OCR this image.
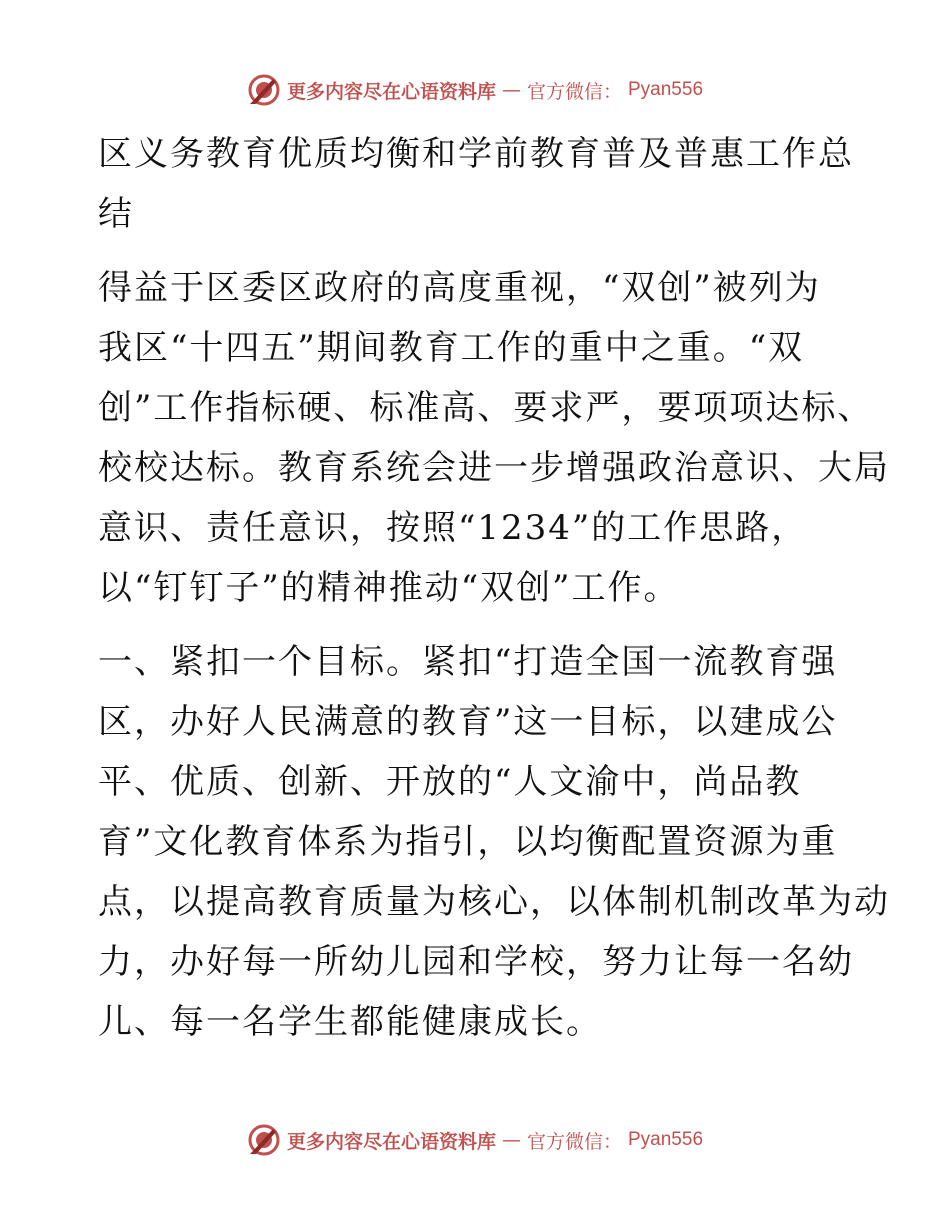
更多内容尽在心语资料库 — 官方微信： Pyan556

区义务教育优质均衡和学前教育普及普惠工作总

结

得益于区委区政府的高度重视，“双创”被列为

我区“十四五”期间教育工作的重中之重。“双

创”工作指标硬、标准高、要求严，要项项达标、

校校达标。教育系统会进一步增强政治意识、大局

意识、责任意识，按照“1234”的工作思路，

以“钉钉子”的精神推动“双创”工作。

一、紧扣一个目标。紧扣“打造全国一流教育强

区，办好人民满意的教育”这一目标，以建成公

平、优质、创新、开放的“人文渝中，尚品教

育”文化教育体系为指引，以均衡配置资源为重

点，以提高教育质量为核心，以体制机制改革为动

力，办好每一所幼儿园和学校，努力让每一名幼

儿、每一名学生都能健康成长。

更多内容尽在心语资料库 — 官方微信： Pyan556
